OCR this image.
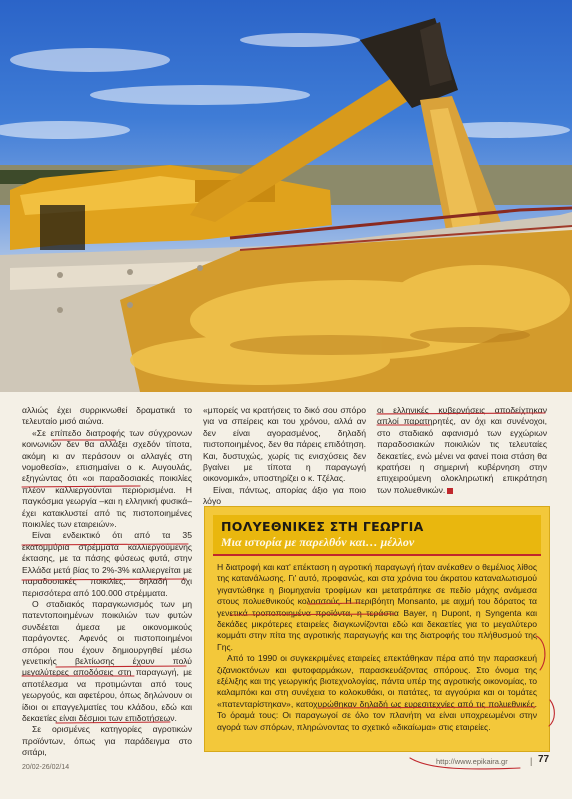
αλλιώς έχει συρρικνωθεί δραματικά το τελευταίο μισό αιώνα.

«Σε επίπεδο διατροφής των σύγχρονων κοινωνιών δεν θα αλλάξει σχεδόν τίποτα, ακόμη κι αν περάσουν οι αλλαγές στη νομοθεσία», επισημαίνει ο κ. Αυγουλάς, εξηγώντας ότι «οι παραδοσιακές ποικιλίες πλέον καλλιεργούνται περιορισμένα. Η παγκόσμια γεωργία –και η ελληνική φυσικά– έχει κατακλυστεί από τις πιστοποιημένες ποικιλίες των εταιρειών».

Είναι ενδεικτικό ότι από τα 35 εκατομμύρια στρέμματα καλλιεργούμενης έκτασης, με τα πάσης φύσεως φυτά, στην Ελλάδα μετά βίας το 2%-3% καλλιεργείται με παραδοσιακές ποικιλίες, δηλαδή όχι περισσότερα από 100.000 στρέμματα.

Ο σταδιακός παραγκωνισμός των μη πατεντοποιημένων ποικιλιών των φυτών συνδέεται άμεσα με οικονομικούς παράγοντες. Αφενός οι πιστοποιημένοι σπόροι που έχουν δημιουργηθεί μέσω γενετικής βελτίωσης έχουν πολύ μεγαλύτερες αποδόσεις στη παραγωγή, με αποτέλεσμα να προτιμώνται από τους γεωργούς, και αφετέρου, όπως δηλώνουν οι ίδιοι οι επαγγελματίες του κλάδου, εδώ και δεκαετίες είναι δέσμιοι των επιδοτήσεων.

Σε ορισμένες κατηγορίες αγροτικών προϊόντων, όπως για παράδειγμα στο σιτάρι,

«μπορείς να κρατήσεις το δικό σου σπόρο για να σπείρεις και του χρόνου, αλλά αν δεν είναι αγορασμένος, δηλαδή πιστοποιημένος, δεν θα πάρεις επιδότηση. Και, δυστυχώς, χωρίς τις ενισχύσεις δεν βγαίνει με τίποτα η παραγωγή οικονομικά», υποστηρίζει ο κ. Τζέλας.

Είναι, πάντως, απορίας άξιο για ποιο λόγο

οι ελληνικές κυβερνήσεις αποδείχτηκαν απλοί παρατηρητές, αν όχι και συνένοχοι, στο σταδιακό αφανισμό των εγχώριων παραδοσιακών ποικιλιών τις τελευταίες δεκαετίες, ενώ μένει να φανεί ποια στάση θα κρατήσει η σημερινή κυβέρνηση στην επιχειρούμενη ολοκληρωτική επικράτηση των πολυεθνικών.

ΠΟΛΥΕΘΝΙΚΕΣ ΣΤΗ ΓΕΩΡΓΙΑ
Μια ιστορία με παρελθόν και… μέλλον

Η διατροφή και κατ' επέκταση η αγροτική παραγωγή ήταν ανέκαθεν ο θεμέλιος λίθος της κατανάλωσης. Γι' αυτό, προφανώς, και στα χρόνια του άκρατου καταναλωτισμού γιγαντώθηκε η βιομηχανία τροφίμων και μετατράπηκε σε πεδίο μάχης ανάμεσα στους πολυεθνικούς κολοσσούς. Η περιβόητη Monsanto, με αιχμή του δόρατος τα γενετικά τροποποιημένα προϊόντα, η τεράστια Bayer, η Dupont, η Syngenta και δεκάδες μικρότερες εταιρείες διαγκωνίζονται εδώ και δεκαετίες για το μεγαλύτερο κομμάτι στην πίτα της αγροτικής παραγωγής και της διατροφής του πλήθυσμού της Γης.

Από το 1990 οι συγκεκριμένες εταιρείες επεκτάθηκαν πέρα από την παρασκευή ζιζανιοκτόνων και φυτοφαρμάκων, παρασκευάζοντας σπόρους. Στο όνομα της εξέλιξης και της γεωργικής βιοτεχνολογίας, πάντα υπέρ της αγροτικής οικονομίας, το καλαμπόκι και στη συνέχεια το κολοκυθάκι, οι πατάτες, τα αγγούρια και οι τομάτες «πατενταρίστηκαν», κατοχυρώθηκαν δηλαδή ως ευρεσιτεχνίες από τις πολυεθνικές. Το όραμά τους: Οι παραγωγοί σε όλο τον πλανήτη να είναι υποχρεωμένοι στην αγορά των σπόρων, πληρώνοντας το σχετικό «δικαίωμα» στις εταιρείες.

20/02-26/02/14
http://www.epikaira.gr | 77
